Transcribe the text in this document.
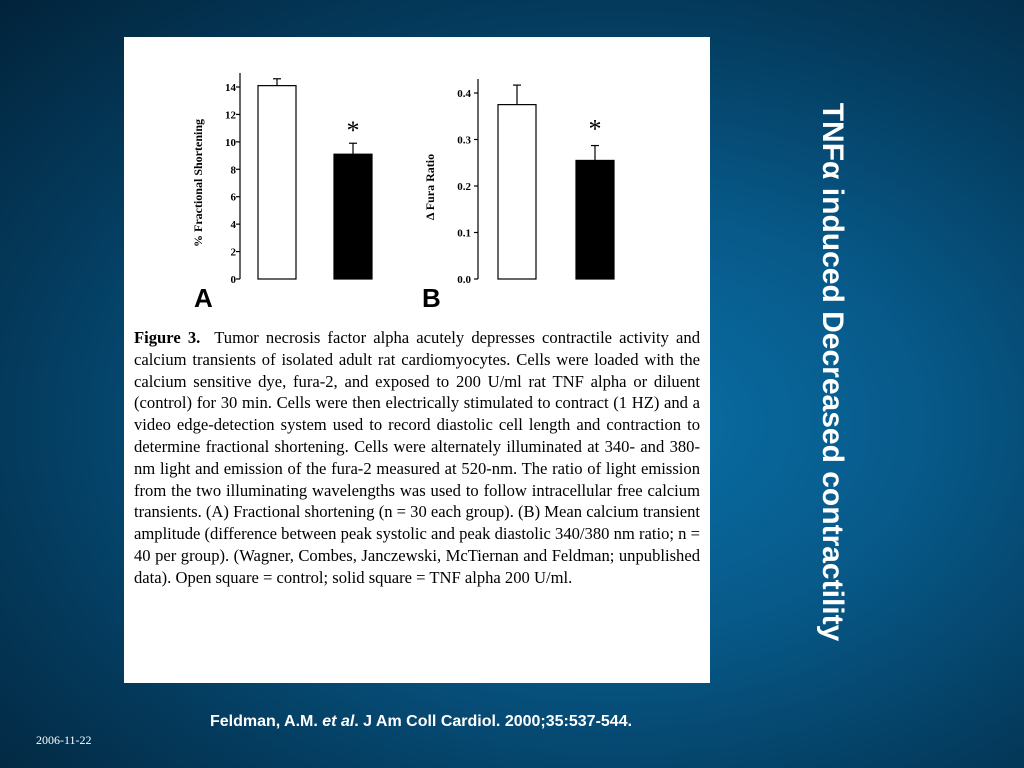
A
0
2
4
6
8
10
12
14
% Fractional Shortening	*
B
0.0
0.1
0.2
0.3
0.4
Δ Fura Ratio
*

Figure 3. Tumor necrosis factor alpha acutely depresses contractile activity and calcium transients of isolated adult rat cardiomyocytes. Cells were loaded with the calcium sensitive dye, fura-2, and exposed to 200 U/ml rat TNF alpha or diluent (control) for 30 min. Cells were then electrically stimulated to contract (1 HZ) and a video edge-detection system used to record diastolic cell length and contraction to determine fractional shortening. Cells were alternately illuminated at 340- and 380-nm light and emission of the fura-2 measured at 520-nm. The ratio of light emission from the two illuminating wavelengths was used to follow intracellular free calcium transients. (A) Fractional shortening (n = 30 each group). (B) Mean calcium transient amplitude (difference between peak systolic and peak diastolic 340/380 nm ratio; n = 40 per group). (Wagner, Combes, Janczewski, McTiernan and Feldman; unpublished data). Open square = control; solid square = TNF alpha 200 U/ml.	TNFα induced Decreased contractility
Feldman, A.M. et al. J Am Coll Cardiol. 2000;35:537-544.
2006-11-22
